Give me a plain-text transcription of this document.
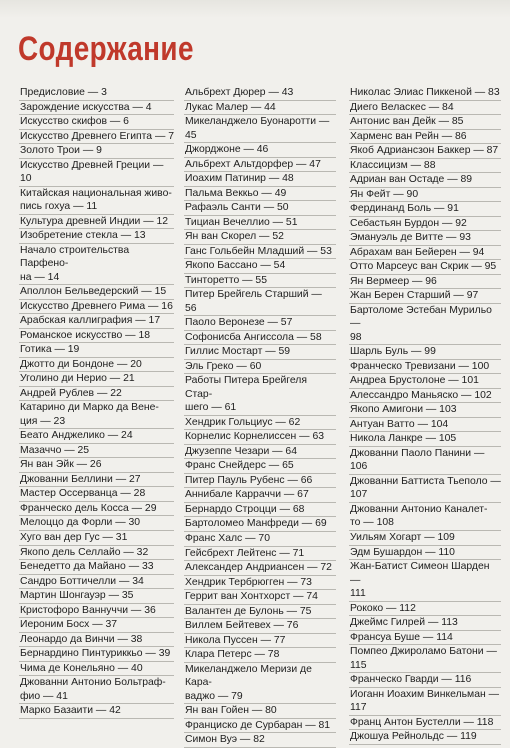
Содержание
Предисловие — 3
Зарождение искусства — 4
Искусство скифов — 6
Искусство Древнего Египта — 7
Золото Трои — 9
Искусство Древней Греции —
10
Китайская национальная живо-
пись гохуа — 11
Культура древней Индии — 12
Изобретение стекла — 13
Начало строительства Парфено-
на — 14
Аполлон Бельведерский — 15
Искусство Древнего Рима — 16
Арабская каллиграфия — 17
Романское искусство — 18
Готика — 19
Джотто ди Бондоне — 20
Уголино ди Нерио — 21
Андрей Рублев — 22
Катарино ди Марко да Вене-
ция — 23
Беато Анджелико — 24
Мазаччо — 25
Ян ван Эйк — 26
Джованни Беллини — 27
Мастер Оссерванца — 28
Франческо дель Косса — 29
Мелоццо да Форли — 30
Хуго ван дер Гус — 31
Якопо дель Селлайо — 32
Бенедетто да Майано — 33
Сандро Боттичелли — 34
Мартин Шонгауэр — 35
Кристофоро Ваннуччи — 36
Иероним Босх — 37
Леонардо да Винчи — 38
Бернардино Пинтуриккьо — 39
Чима де Конельяно — 40
Джованни Антонио Больтраф-
фио — 41
Марко Базаити — 42
Альбрехт Дюрер — 43
Лукас Малер — 44
Микеланджело Буонаротти —
45
Джорджоне — 46
Альбрехт Альтдорфер — 47
Иоахим Патинир — 48
Пальма Веккьо — 49
Рафаэль Санти — 50
Тициан Вечеллио — 51
Ян ван Скорел — 52
Ганс Гольбейн Младший — 53
Якопо Бассано — 54
Тинторетто — 55
Питер Брейгель Старший — 56
Паоло Веронезе — 57
Софонисба Ангиссола — 58
Гиллис Мостарт — 59
Эль Греко — 60
Работы Питера Брейгеля Стар-
шего — 61
Хендрик Гольциус — 62
Корнелис Корнелиссен — 63
Джузеппе Чезари — 64
Франс Снейдерс — 65
Питер Пауль Рубенс — 66
Аннибале Карраччи — 67
Бернардо Строцци — 68
Бартоломео Манфреди — 69
Франс Халс — 70
Гейсбрехт Лейтенс — 71
Александер Андриансен — 72
Хендрик Тербрюгген — 73
Геррит ван Хонтхорст — 74
Валантен де Булонь — 75
Виллем Бейтевех — 76
Никола Пуссен — 77
Клара Петерс — 78
Микеланджело Меризи де Кара-
ваджо — 79
Ян ван Гойен — 80
Франциско де Сурбаран — 81
Симон Вуэ — 82
Николас Элиас Пиккеной — 83
Диего Веласкес — 84
Антонис ван Дейк — 85
Харменс ван Рейн — 86
Якоб Адриансзон Баккер — 87
Классицизм — 88
Адриан ван Остаде — 89
Ян Фейт — 90
Фердинанд Боль — 91
Себастьян Бурдон — 92
Эмануэль де Витте — 93
Абрахам ван Бейерен — 94
Отто Марсеус ван Скрик — 95
Ян Вермеер — 96
Жан Берен Старший — 97
Бартоломе Эстебан Мурильо —
98
Шарль Буль — 99
Франческо Тревизани — 100
Андреа Брустолоне — 101
Алессандро Маньяско — 102
Якопо Амигони — 103
Антуан Ватто — 104
Никола Ланкре — 105
Джованни Паоло Панини — 106
Джованни Баттиста Тьеполо —
107
Джованни Антонио Каналет-
то — 108
Уильям Хогарт — 109
Эдм Бушардон — 110
Жан-Батист Симеон Шарден —
111
Рококо — 112
Джеймс Гилрей — 113
Франсуа Буше — 114
Помпео Джироламо Батони —
115
Франческо Гварди — 116
Иоганн Иоахим Винкельман —
117
Франц Антон Бустелли — 118
Джошуа Рейнольдс — 119
